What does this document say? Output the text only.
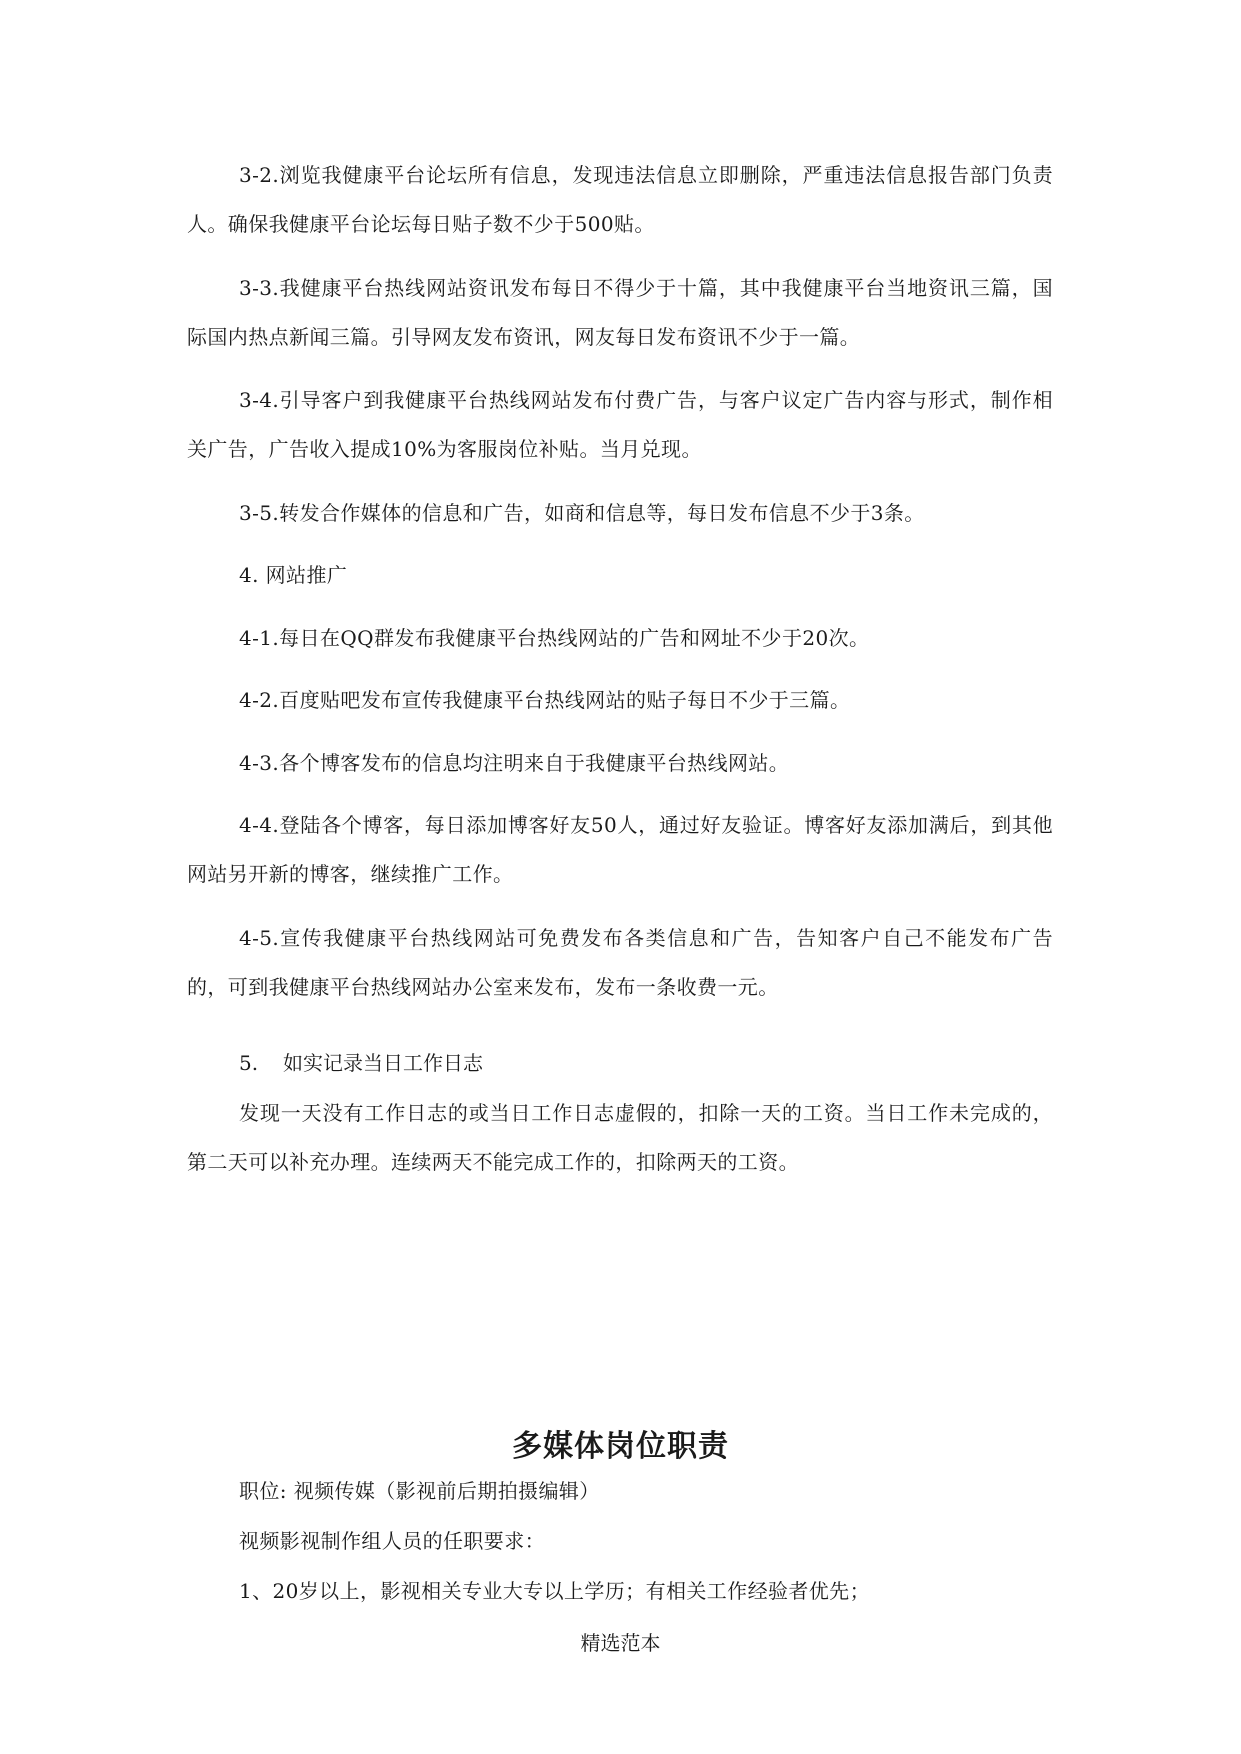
3-2.浏览我健康平台论坛所有信息，发现违法信息立即删除，严重违法信息报告部门负责人。确保我健康平台论坛每日贴子数不少于500贴。

3-3.我健康平台热线网站资讯发布每日不得少于十篇，其中我健康平台当地资讯三篇，国际国内热点新闻三篇。引导网友发布资讯，网友每日发布资讯不少于一篇。

3-4.引导客户到我健康平台热线网站发布付费广告，与客户议定广告内容与形式，制作相关广告，广告收入提成10%为客服岗位补贴。当月兑现。

3-5.转发合作媒体的信息和广告，如商和信息等，每日发布信息不少于3条。

4. 网站推广

4-1.每日在QQ群发布我健康平台热线网站的广告和网址不少于20次。

4-2.百度贴吧发布宣传我健康平台热线网站的贴子每日不少于三篇。

4-3.各个博客发布的信息均注明来自于我健康平台热线网站。

4-4.登陆各个博客，每日添加博客好友50人，通过好友验证。博客好友添加满后，到其他网站另开新的博客，继续推广工作。

4-5.宣传我健康平台热线网站可免费发布各类信息和广告，告知客户自己不能发布广告的，可到我健康平台热线网站办公室来发布，发布一条收费一元。

5. 如实记录当日工作日志

发现一天没有工作日志的或当日工作日志虚假的，扣除一天的工资。当日工作未完成的，第二天可以补充办理。连续两天不能完成工作的，扣除两天的工资。

多媒体岗位职责
职位: 视频传媒（影视前后期拍摄编辑）
视频影视制作组人员的任职要求：
1、20岁以上，影视相关专业大专以上学历；有相关工作经验者优先；
精选范本
